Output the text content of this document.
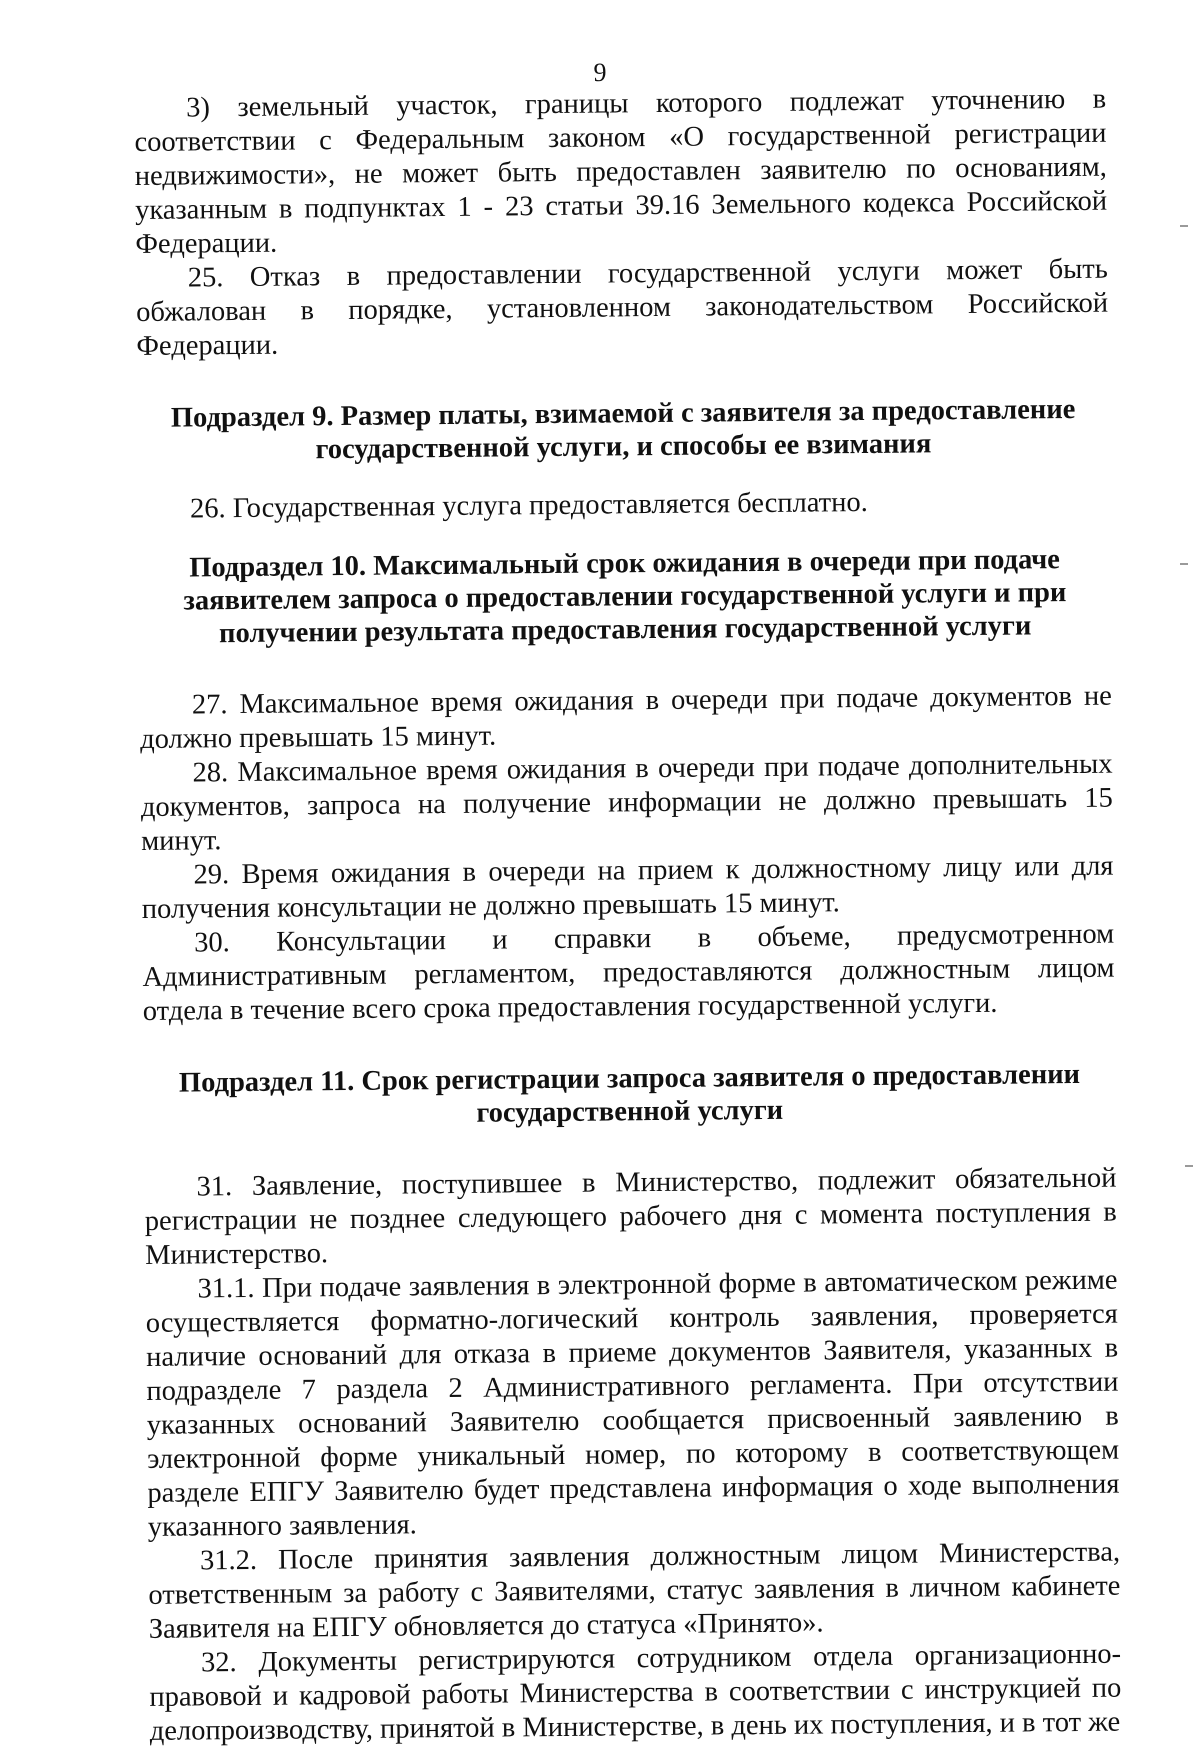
9

3) земельный участок, границы которого подлежат уточнению в соответствии с Федеральным законом «О государственной регистрации недвижимости», не может быть предоставлен заявителю по основаниям, указанным в подпунктах 1 - 23 статьи 39.16 Земельного кодекса Российской Федерации.

25. Отказ в предоставлении государственной услуги может быть обжалован в порядке, установленном законодательством Российской Федерации.

Подраздел 9. Размер платы, взимаемой с заявителя за предоставление государственной услуги, и способы ее взимания

26. Государственная услуга предоставляется бесплатно.

Подраздел 10. Максимальный срок ожидания в очереди при подаче заявителем запроса о предоставлении государственной услуги и при получении результата предоставления государственной услуги

27. Максимальное время ожидания в очереди при подаче документов не должно превышать 15 минут.

28. Максимальное время ожидания в очереди при подаче дополнительных документов, запроса на получение информации не должно превышать 15 минут.

29. Время ожидания в очереди на прием к должностному лицу или для получения консультации не должно превышать 15 минут.

30. Консультации и справки в объеме, предусмотренном Административным регламентом, предоставляются должностным лицом отдела в течение всего срока предоставления государственной услуги.

Подраздел 11. Срок регистрации запроса заявителя о предоставлении государственной услуги

31. Заявление, поступившее в Министерство, подлежит обязательной регистрации не позднее следующего рабочего дня с момента поступления в Министерство.

31.1. При подаче заявления в электронной форме в автоматическом режиме осуществляется форматно-логический контроль заявления, проверяется наличие оснований для отказа в приеме документов Заявителя, указанных в подразделе 7 раздела 2 Административного регламента. При отсутствии указанных оснований Заявителю сообщается присвоенный заявлению в электронной форме уникальный номер, по которому в соответствующем разделе ЕПГУ Заявителю будет представлена информация о ходе выполнения указанного заявления.

31.2. После принятия заявления должностным лицом Министерства, ответственным за работу с Заявителями, статус заявления в личном кабинете Заявителя на ЕПГУ обновляется до статуса «Принято».

32. Документы регистрируются сотрудником отдела организационно-правовой и кадровой работы Министерства в соответствии с инструкцией по делопроизводству, принятой в Министерстве, в день их поступления, и в тот же
